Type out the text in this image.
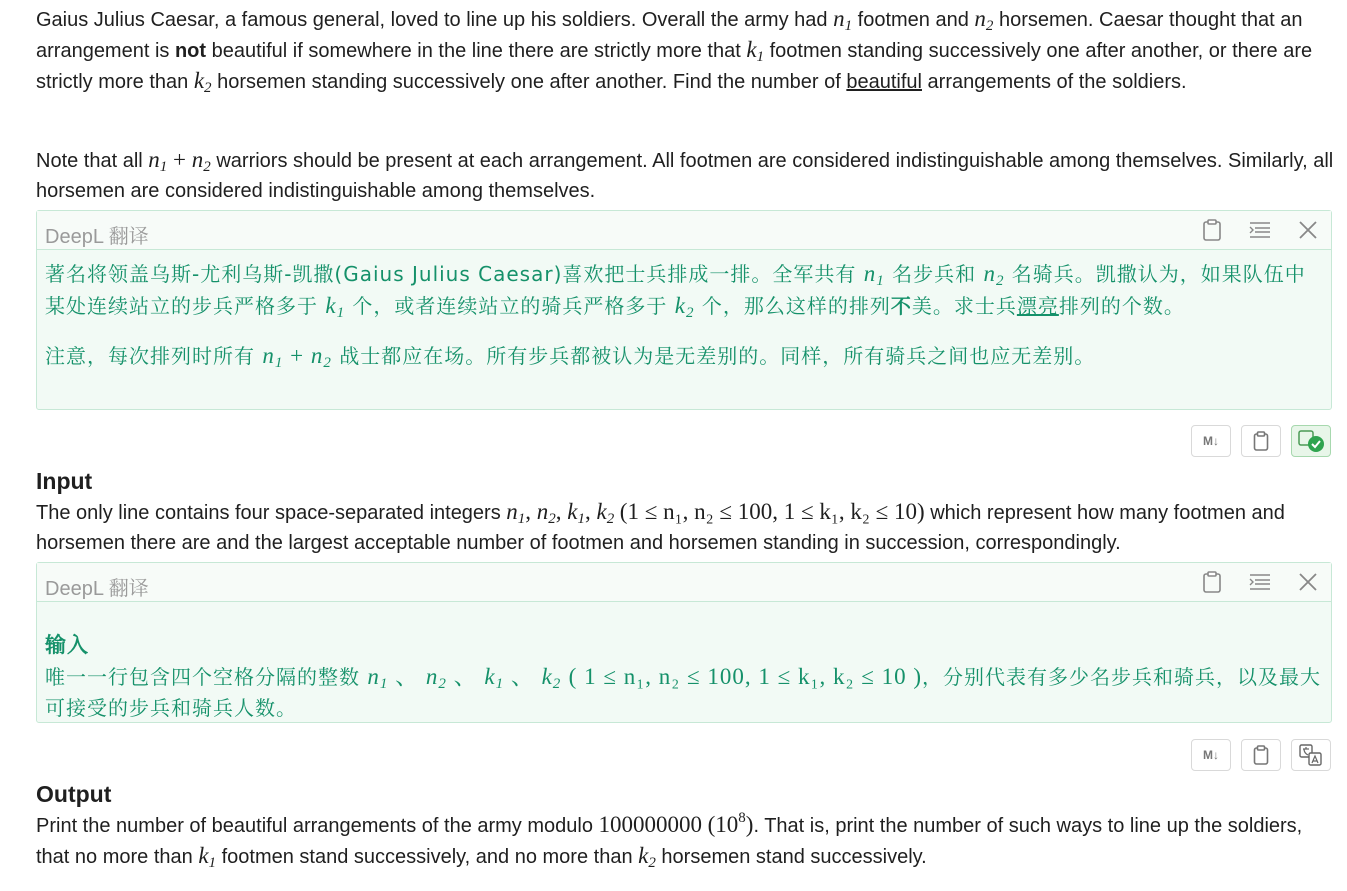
Gaius Julius Caesar, a famous general, loved to line up his soldiers. Overall the army had $n_1$ footmen and $n_2$ horsemen. Caesar thought that an arrangement is not beautiful if somewhere in the line there are strictly more that $k_1$ footmen standing successively one after another, or there are strictly more than $k_2$ horsemen standing successively one after another. Find the number of beautiful arrangements of the soldiers.
Note that all $n_1 + n_2$ warriors should be present at each arrangement. All footmen are considered indistinguishable among themselves. Similarly, all horsemen are considered indistinguishable among themselves.
DeepL 翻译

著名将领盖乌斯-尤利乌斯-凯撒(Gaius Julius Caesar)喜欢把士兵排成一排。全军共有 $n_1$ 名步兵和 $n_2$ 名骑兵。凯撒认为，如果队伍中某处连续站立的步兵严格多于 $k_1$ 个，或者连续站立的骑兵严格多于 $k_2$ 个，那么这样的排列不美。求士兵漂亮排列的个数。

注意，每次排列时所有 $n_1 + n_2$ 战士都应在场。所有步兵都被认为是无差别的。同样，所有骑兵之间也应无差别。

M↓
Input
The only line contains four space-separated integers $n_1$, $n_2$, $k_1$, $k_2$ (1 ≤ n₁, n₂ ≤ 100, 1 ≤ k₁, k₂ ≤ 10) which represent how many footmen and horsemen there are and the largest acceptable number of footmen and horsemen standing in succession, correspondingly.
DeepL 翻译

输入

唯一一行包含四个空格分隔的整数 $n_1$ 、 $n_2$ 、 $k_1$ 、 $k_2$ ( 1 ≤ n₁, n₂ ≤ 100, 1 ≤ k₁, k₂ ≤ 10 )，分别代表有多少名步兵和骑兵，以及最大可接受的步兵和骑兵人数。

M↓
Output
Print the number of beautiful arrangements of the army modulo 100000000 $(10^8)$. That is, print the number of such ways to line up the soldiers, that no more than $k_1$ footmen stand successively, and no more than $k_2$ horsemen stand successively.
